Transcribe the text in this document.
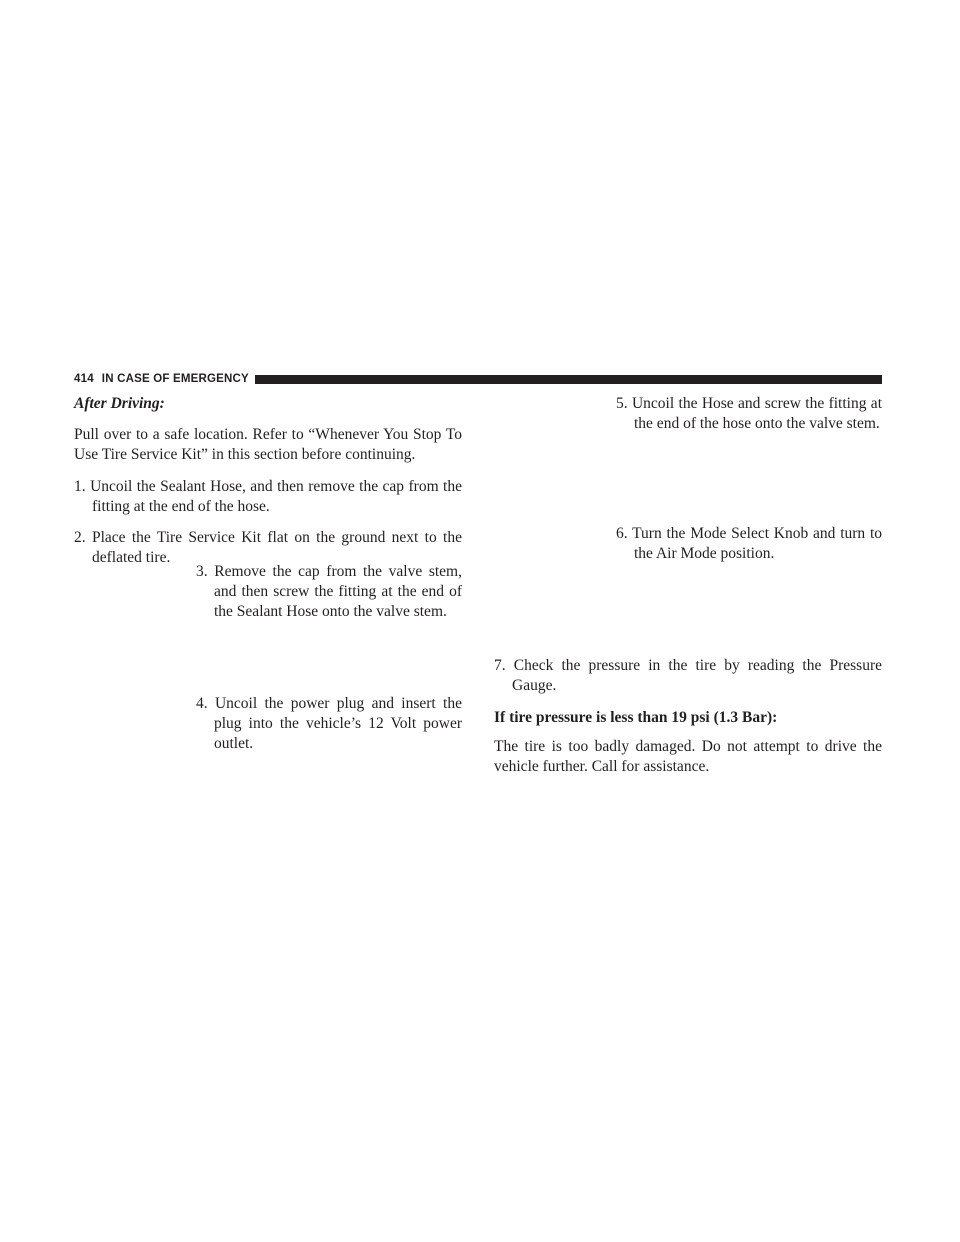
414 IN CASE OF EMERGENCY

After Driving:

Pull over to a safe location. Refer to “Whenever You Stop To Use Tire Service Kit” in this section before continuing.

1. Uncoil the Sealant Hose, and then remove the cap from the fitting at the end of the hose.

2. Place the Tire Service Kit flat on the ground next to the deflated tire.

3. Remove the cap from the valve stem, and then screw the fitting at the end of the Sealant Hose onto the valve stem.

4. Uncoil the power plug and insert the plug into the vehicle’s 12 Volt power outlet.

5. Uncoil the Hose and screw the fitting at the end of the hose onto the valve stem.

6. Turn the Mode Select Knob and turn to the Air Mode position.

7. Check the pressure in the tire by reading the Pressure Gauge.

If tire pressure is less than 19 psi (1.3 Bar):

The tire is too badly damaged. Do not attempt to drive the vehicle further. Call for assistance.
